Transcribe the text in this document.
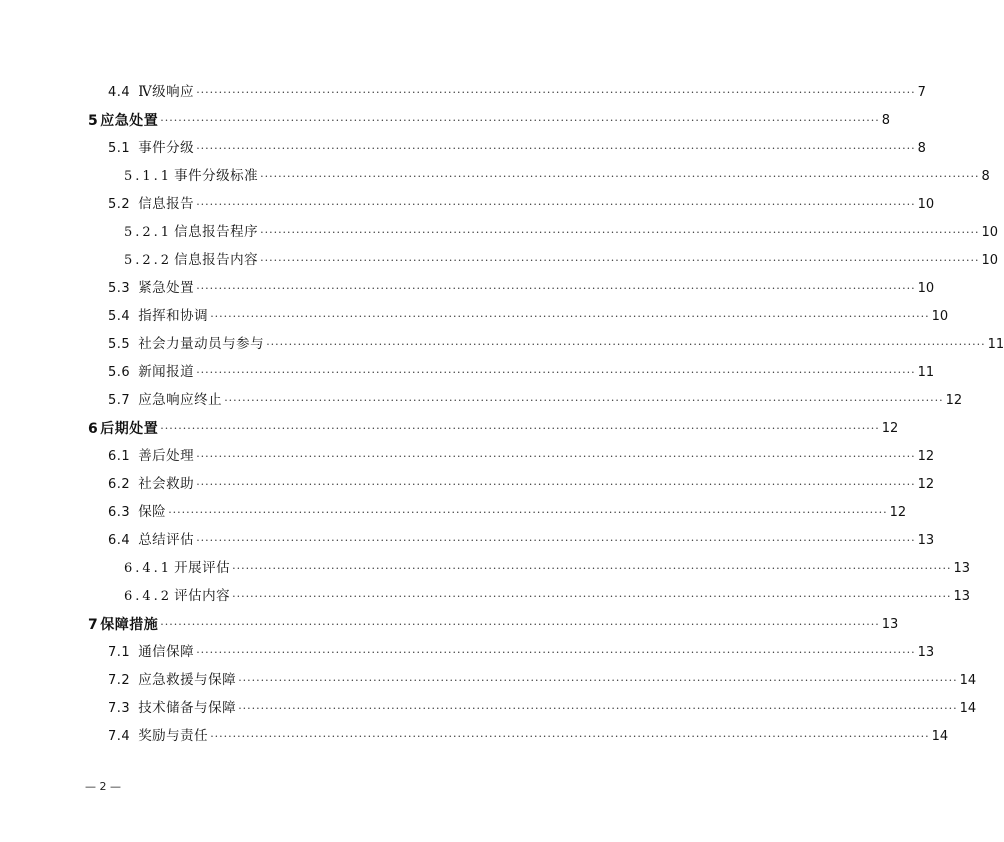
4.4 Ⅳ级响应 ································································································································································ 7
5 应急处置 ································································································································································ 8
5.1 事件分级 ································································································································································ 8
5.1.1 事件分级标准 ································································································································································ 8
5.2 信息报告 ································································································································································ 10
5.2.1 信息报告程序 ································································································································································ 10
5.2.2 信息报告内容 ································································································································································ 10
5.3 紧急处置 ································································································································································ 10
5.4 指挥和协调 ································································································································································ 10
5.5 社会力量动员与参与 ································································································································································ 11
5.6 新闻报道 ································································································································································ 11
5.7 应急响应终止 ································································································································································ 12
6 后期处置 ································································································································································ 12
6.1 善后处理 ································································································································································ 12
6.2 社会救助 ································································································································································ 12
6.3 保险 ································································································································································ 12
6.4 总结评估 ································································································································································ 13
6.4.1 开展评估 ································································································································································ 13
6.4.2 评估内容 ································································································································································ 13
7 保障措施 ································································································································································ 13
7.1 通信保障 ································································································································································ 13
7.2 应急救援与保障 ································································································································································ 14
7.3 技术储备与保障 ································································································································································ 14
7.4 奖励与责任 ································································································································································ 14
— 2 —
